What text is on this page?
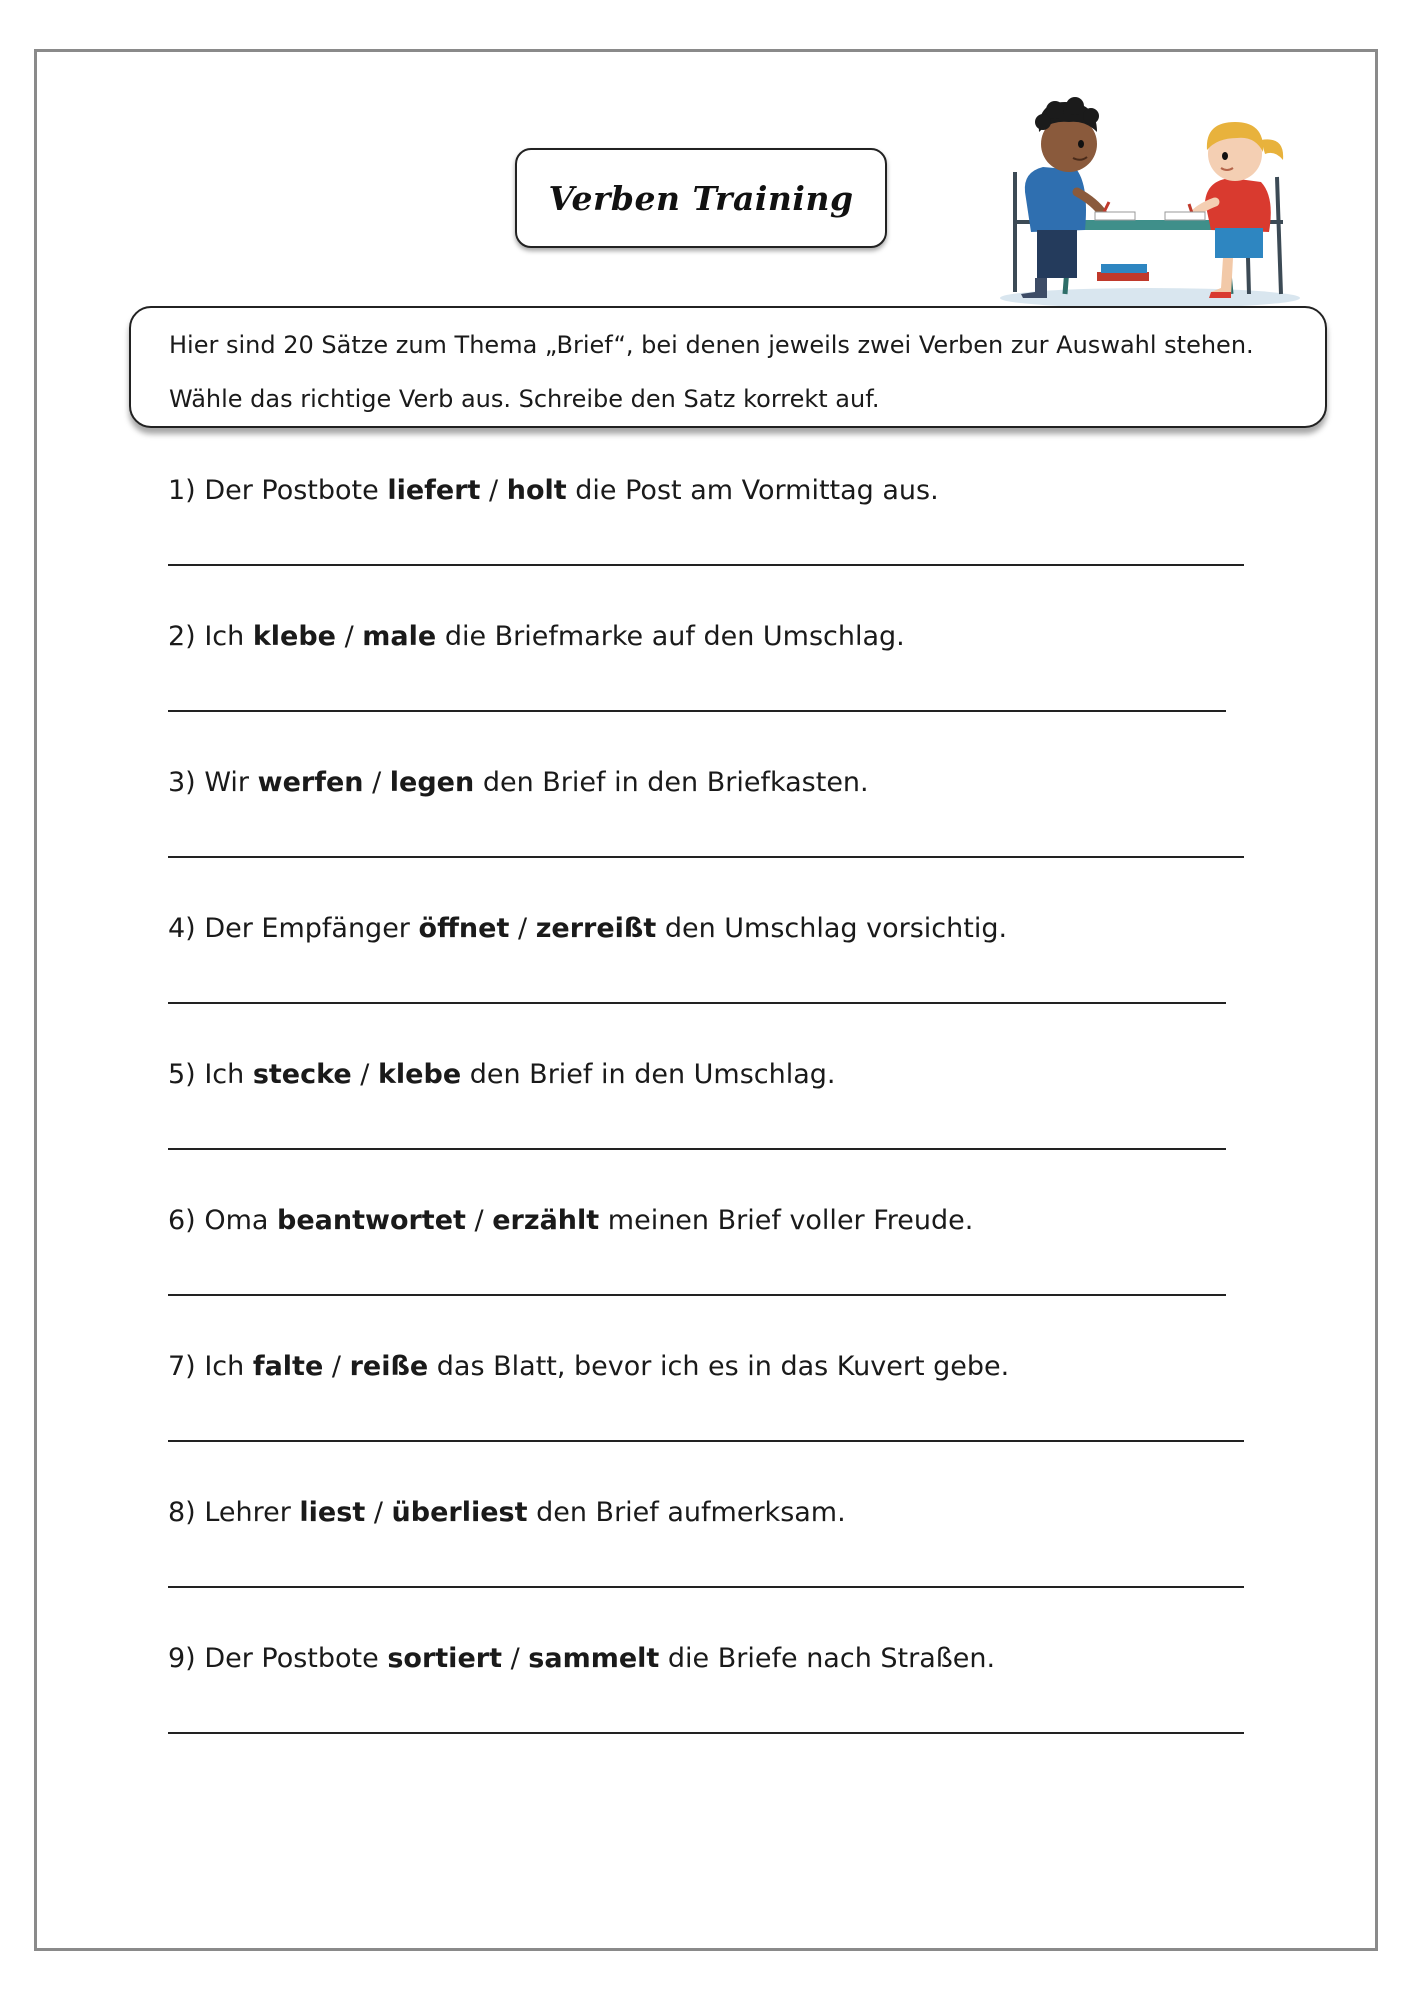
Verben Training
Hier sind 20 Sätze zum Thema „Brief“, bei denen jeweils zwei Verben zur Auswahl stehen.
Wähle das richtige Verb aus. Schreibe den Satz korrekt auf.
1) Der Postbote liefert / holt die Post am Vormittag aus.
2) Ich klebe / male die Briefmarke auf den Umschlag.
3) Wir werfen / legen den Brief in den Briefkasten.
4) Der Empfänger öffnet / zerreißt den Umschlag vorsichtig.
5) Ich stecke / klebe den Brief in den Umschlag.
6) Oma beantwortet / erzählt meinen Brief voller Freude.
7) Ich falte / reiße das Blatt, bevor ich es in das Kuvert gebe.
8) Lehrer liest / überliest den Brief aufmerksam.
9) Der Postbote sortiert / sammelt die Briefe nach Straßen.
